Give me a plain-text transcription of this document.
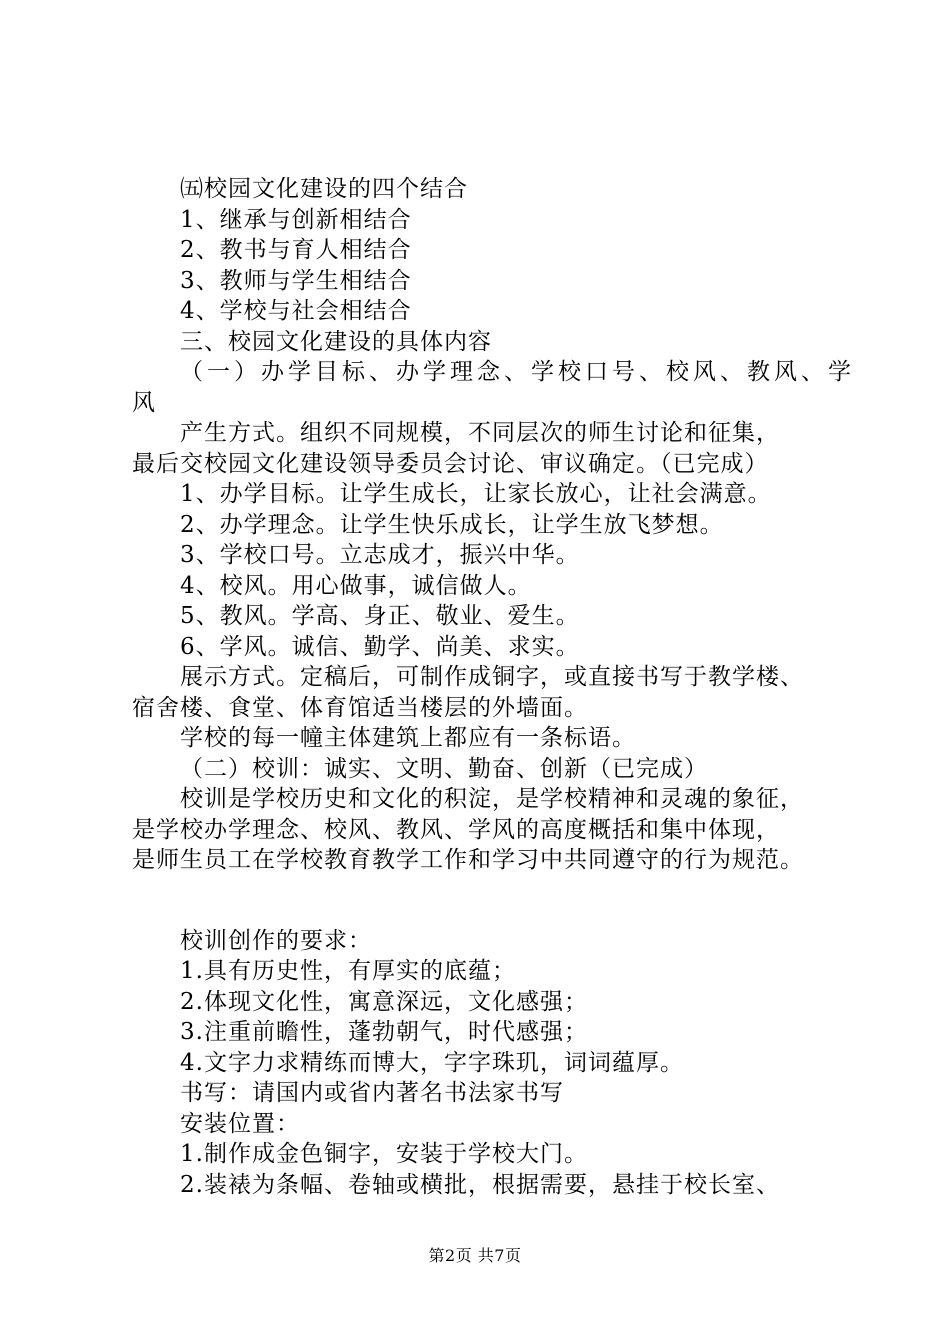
㈤校园文化建设的四个结合
1、继承与创新相结合
2、教书与育人相结合
3、教师与学生相结合
4、学校与社会相结合
三、校园文化建设的具体内容
（一）办学目标、办学理念、学校口号、校风、教风、学
风
产生方式。组织不同规模，不同层次的师生讨论和征集，
最后交校园文化建设领导委员会讨论、审议确定。（已完成）
1、办学目标。让学生成长，让家长放心，让社会满意。
2、办学理念。让学生快乐成长，让学生放飞梦想。
3、学校口号。立志成才，振兴中华。
4、校风。用心做事，诚信做人。
5、教风。学高、身正、敬业、爱生。
6、学风。诚信、勤学、尚美、求实。
展示方式。定稿后，可制作成铜字，或直接书写于教学楼、
宿舍楼、食堂、体育馆适当楼层的外墙面。
学校的每一幢主体建筑上都应有一条标语。
（二）校训：诚实、文明、勤奋、创新（已完成）
校训是学校历史和文化的积淀，是学校精神和灵魂的象征，
是学校办学理念、校风、教风、学风的高度概括和集中体现，
是师生员工在学校教育教学工作和学习中共同遵守的行为规范。
校训创作的要求：
1.具有历史性，有厚实的底蕴；
2.体现文化性，寓意深远，文化感强；
3.注重前瞻性，蓬勃朝气，时代感强；
4.文字力求精练而博大，字字珠玑，词词蕴厚。
书写：请国内或省内著名书法家书写
安装位置：
1.制作成金色铜字，安装于学校大门。
2.装裱为条幅、卷轴或横批，根据需要，悬挂于校长室、
第2页 共7页
